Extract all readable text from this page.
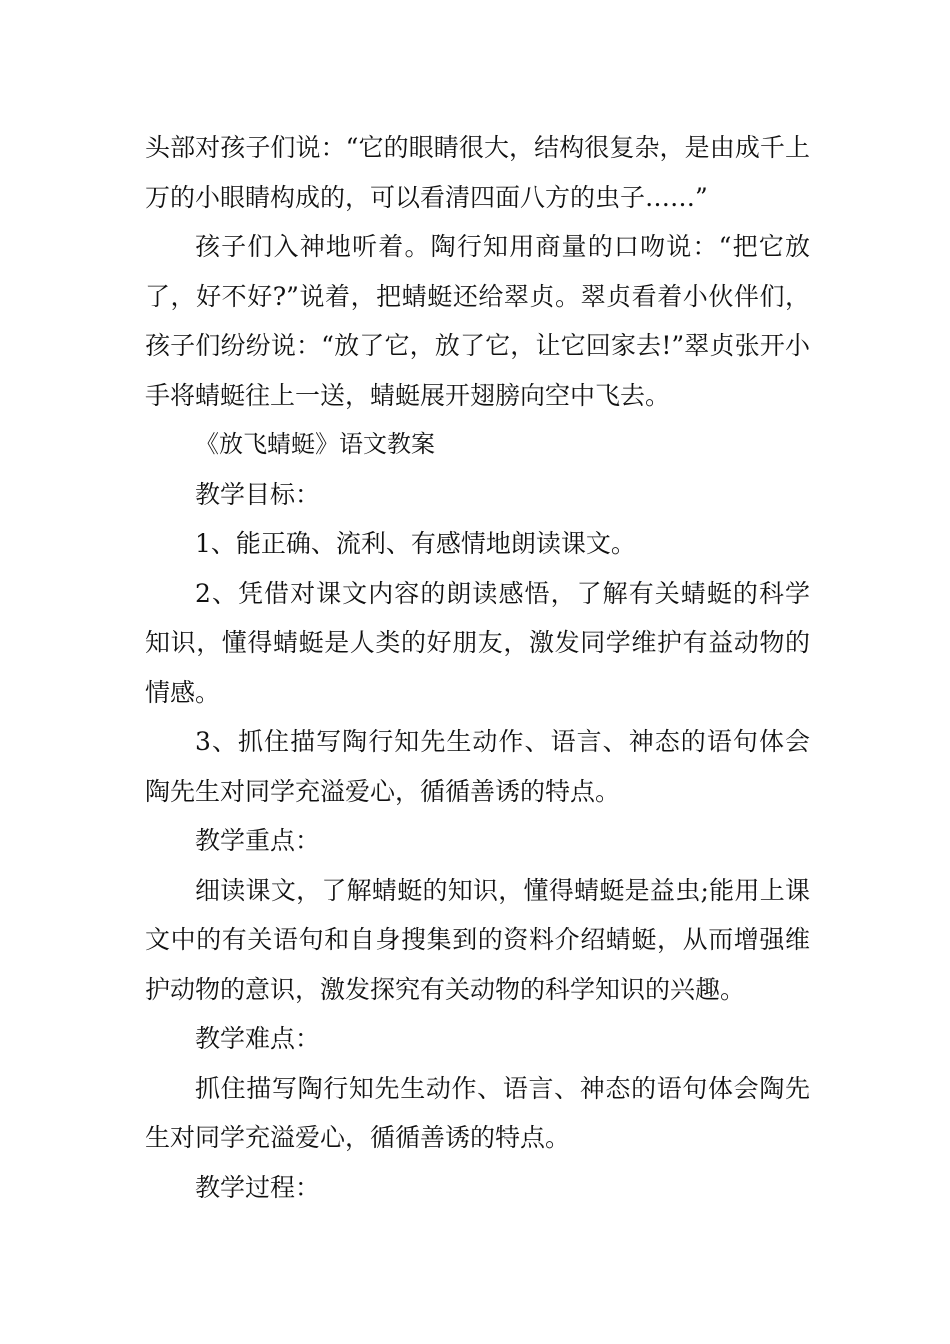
头部对孩子们说：“它的眼睛很大，结构很复杂，是由成千上万的小眼睛构成的，可以看清四面八方的虫子……”

孩子们入神地听着。陶行知用商量的口吻说：“把它放了，好不好?”说着，把蜻蜓还给翠贞。翠贞看着小伙伴们，孩子们纷纷说：“放了它，放了它，让它回家去!”翠贞张开小手将蜻蜓往上一送，蜻蜓展开翅膀向空中飞去。

《放飞蜻蜓》语文教案

教学目标：

1、能正确、流利、有感情地朗读课文。

2、凭借对课文内容的朗读感悟，了解有关蜻蜓的科学知识，懂得蜻蜓是人类的好朋友，激发同学维护有益动物的情感。

3、抓住描写陶行知先生动作、语言、神态的语句体会陶先生对同学充溢爱心，循循善诱的特点。

教学重点：

细读课文，了解蜻蜓的知识，懂得蜻蜓是益虫;能用上课文中的有关语句和自身搜集到的资料介绍蜻蜓，从而增强维护动物的意识，激发探究有关动物的科学知识的兴趣。

教学难点：

抓住描写陶行知先生动作、语言、神态的语句体会陶先生对同学充溢爱心，循循善诱的特点。

教学过程：
